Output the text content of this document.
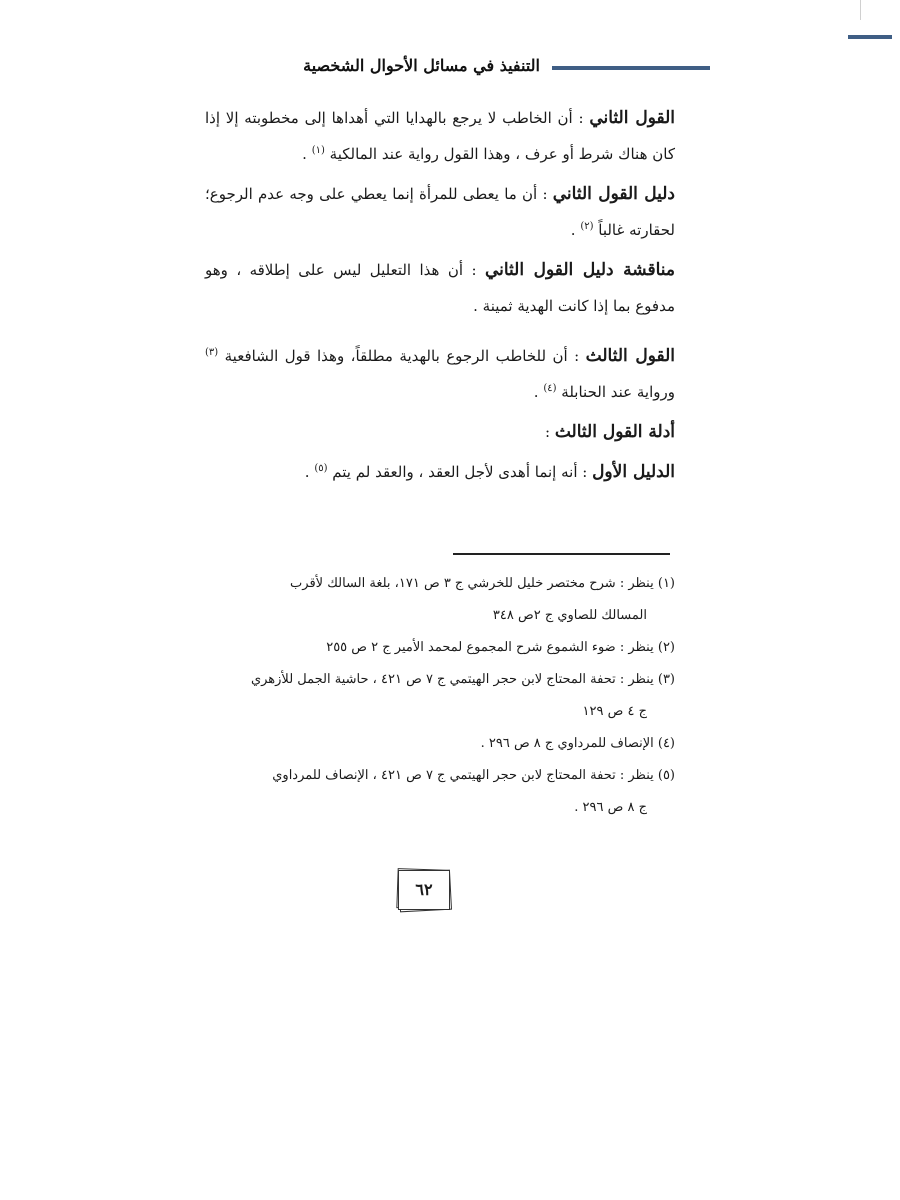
التنفيذ في مسائل الأحوال الشخصية

القول الثاني : أن الخاطب لا يرجع بالهدايا التي أهداها إلى مخطوبته إلا إذا كان هناك شرط أو عرف ، وهذا القول رواية عند المالكية $^{(١)}$ .

دليل القول الثاني : أن ما يعطى للمرأة إنما يعطي على وجه عدم الرجوع؛ لحقارته غالباً $^{(٢)}$ .

مناقشة دليل القول الثاني : أن هذا التعليل ليس على إطلاقه ، وهو مدفوع بما إذا كانت الهدية ثمينة .

القول الثالث : أن للخاطب الرجوع بالهدية مطلقاً، وهذا قول الشافعية $^{(٣)}$ ورواية عند الحنابلة $^{(٤)}$ .

أدلة القول الثالث :

الدليل الأول : أنه إنما أهدى لأجل العقد ، والعقد لم يتم $^{(٥)}$ .

(١) ينظر : شرح مختصر خليل للخرشي ج ٣ ص ١٧١، بلغة السالك لأقرب

المسالك للصاوي ج ٢ص ٣٤٨

(٢) ينظر : ضوء الشموع شرح المجموع لمحمد الأمير ج ٢ ص ٢٥٥

(٣) ينظر : تحفة المحتاج لابن حجر الهيتمي ج ٧ ص ٤٢١ ، حاشية الجمل للأزهري

ج ٤ ص ١٢٩

(٤) الإنصاف للمرداوي ج ٨ ص ٢٩٦ .

(٥) ينظر : تحفة المحتاج لابن حجر الهيتمي ج ٧ ص ٤٢١ ، الإنصاف للمرداوي

ج ٨ ص ٢٩٦ .

٦٢
